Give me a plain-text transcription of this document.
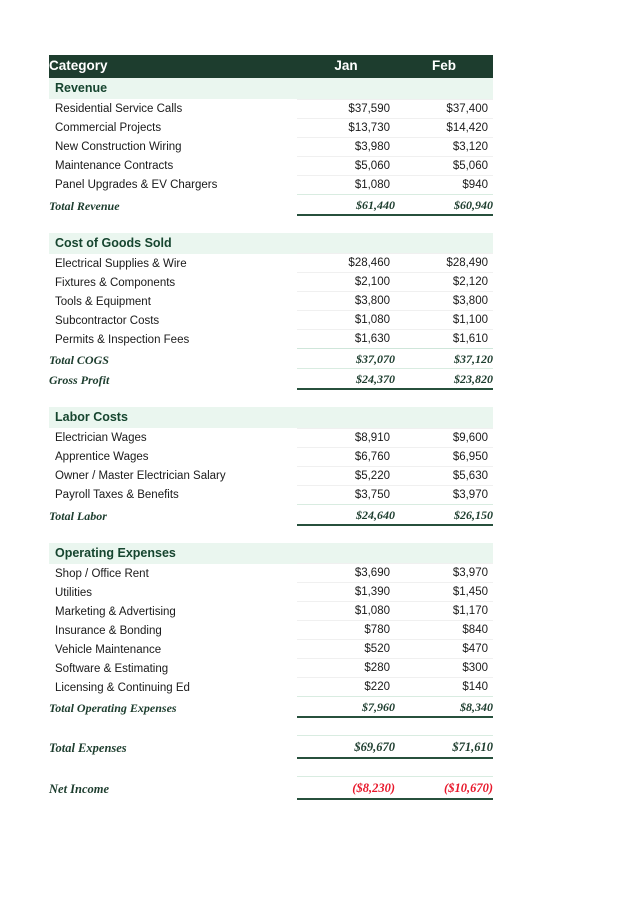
Category	Jan	Feb
Revenue		
Residential Service Calls	$37,590	$37,400
Commercial Projects	$13,730	$14,420
New Construction Wiring	$3,980	$3,120
Maintenance Contracts	$5,060	$5,060
Panel Upgrades & EV Chargers	$1,080	$940
Total Revenue	$61,440	$60,940

Cost of Goods Sold		
Electrical Supplies & Wire	$28,460	$28,490
Fixtures & Components	$2,100	$2,120
Tools & Equipment	$3,800	$3,800
Subcontractor Costs	$1,080	$1,100
Permits & Inspection Fees	$1,630	$1,610
Total COGS	$37,070	$37,120
Gross Profit	$24,370	$23,820

Labor Costs		
Electrician Wages	$8,910	$9,600
Apprentice Wages	$6,760	$6,950
Owner / Master Electrician Salary	$5,220	$5,630
Payroll Taxes & Benefits	$3,750	$3,970
Total Labor	$24,640	$26,150

Operating Expenses		
Shop / Office Rent	$3,690	$3,970
Utilities	$1,390	$1,450
Marketing & Advertising	$1,080	$1,170
Insurance & Bonding	$780	$840
Vehicle Maintenance	$520	$470
Software & Estimating	$280	$300
Licensing & Continuing Ed	$220	$140
Total Operating Expenses	$7,960	$8,340

Total Expenses	$69,670	$71,610

Net Income	($8,230)	($10,670)
